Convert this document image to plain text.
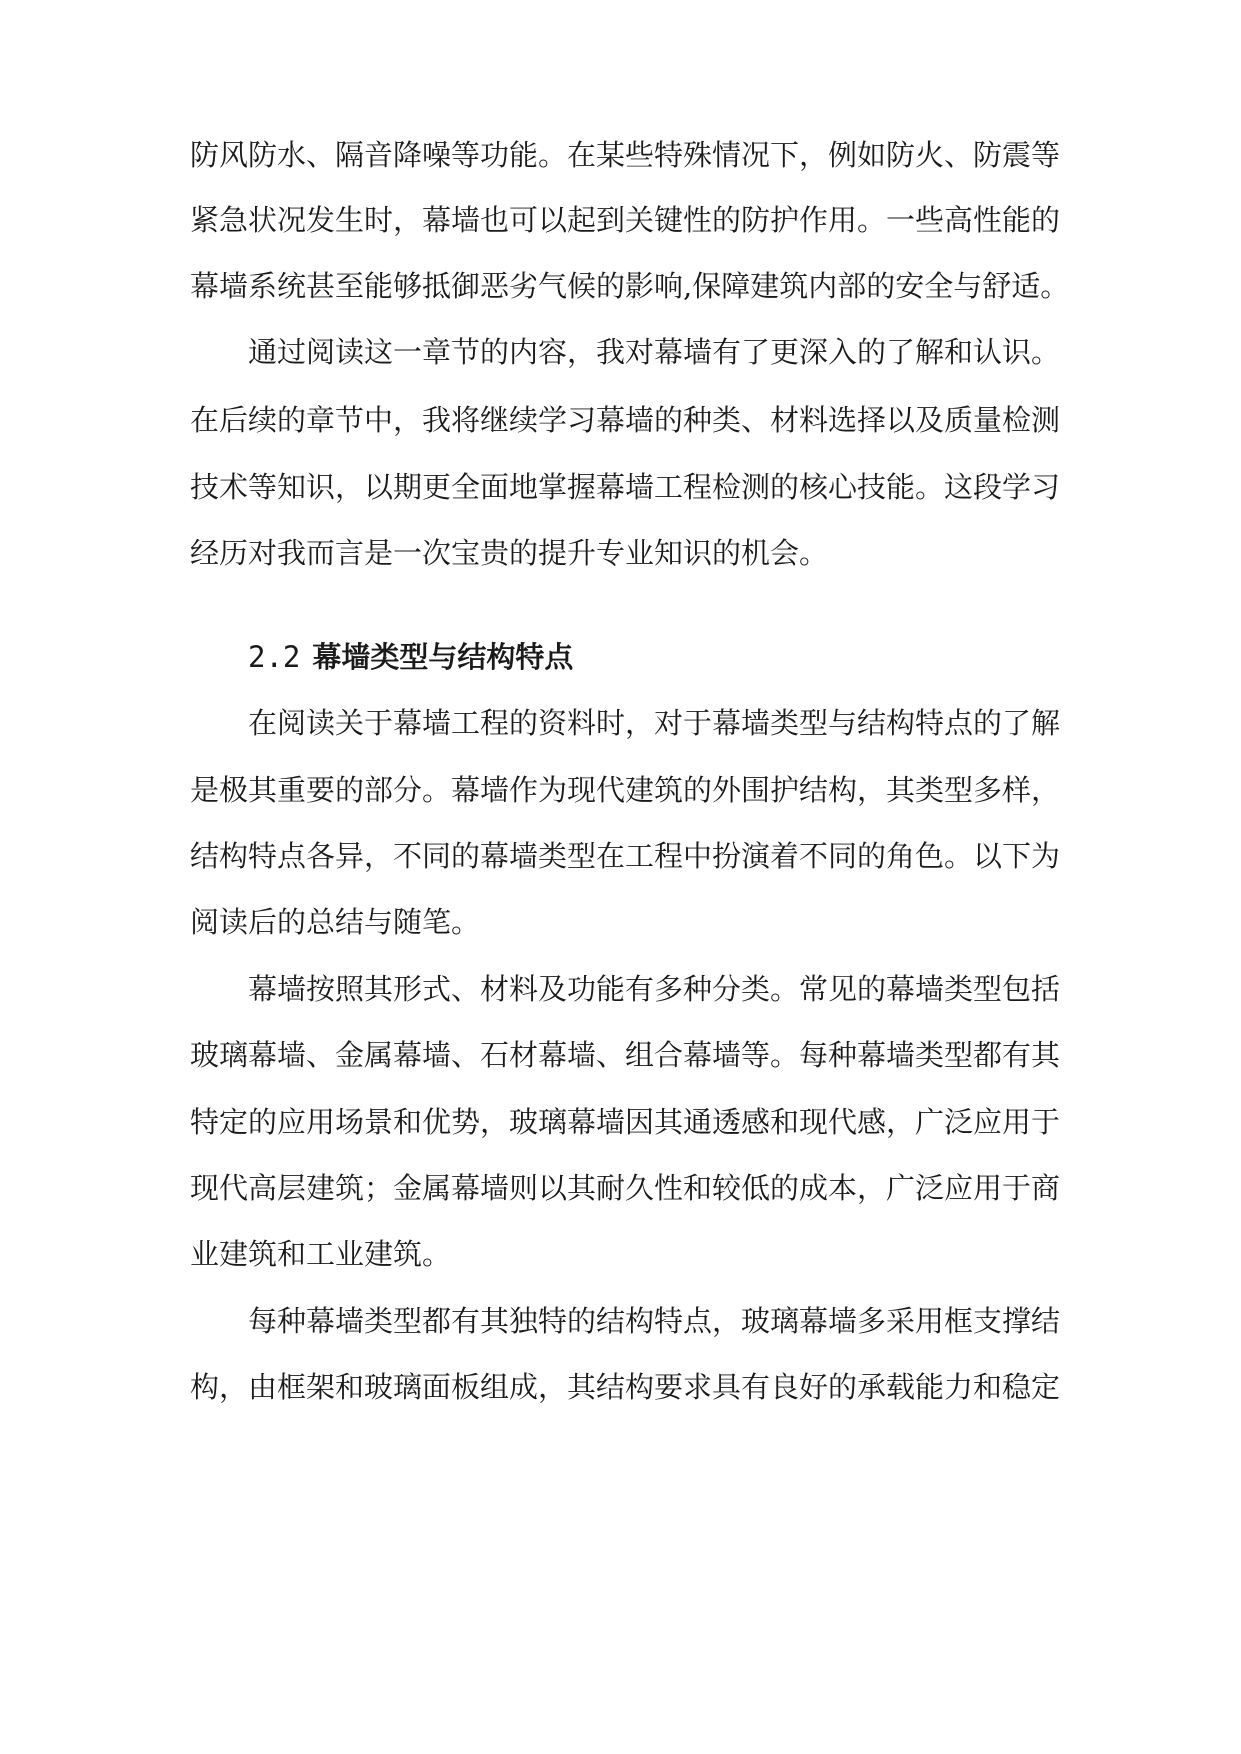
防风防水、隔音降噪等功能。在某些特殊情况下，例如防火、防震等
紧急状况发生时，幕墙也可以起到关键性的防护作用。一些高性能的
幕墙系统甚至能够抵御恶劣气候的影响,保障建筑内部的安全与舒适。
通过阅读这一章节的内容，我对幕墙有了更深入的了解和认识。
在后续的章节中，我将继续学习幕墙的种类、材料选择以及质量检测
技术等知识，以期更全面地掌握幕墙工程检测的核心技能。这段学习
经历对我而言是一次宝贵的提升专业知识的机会。
2.2 幕墙类型与结构特点
在阅读关于幕墙工程的资料时，对于幕墙类型与结构特点的了解
是极其重要的部分。幕墙作为现代建筑的外围护结构，其类型多样，
结构特点各异，不同的幕墙类型在工程中扮演着不同的角色。以下为
阅读后的总结与随笔。
幕墙按照其形式、材料及功能有多种分类。常见的幕墙类型包括
玻璃幕墙、金属幕墙、石材幕墙、组合幕墙等。每种幕墙类型都有其
特定的应用场景和优势，玻璃幕墙因其通透感和现代感，广泛应用于
现代高层建筑；金属幕墙则以其耐久性和较低的成本，广泛应用于商
业建筑和工业建筑。
每种幕墙类型都有其独特的结构特点，玻璃幕墙多采用框支撑结
构，由框架和玻璃面板组成，其结构要求具有良好的承载能力和稳定
